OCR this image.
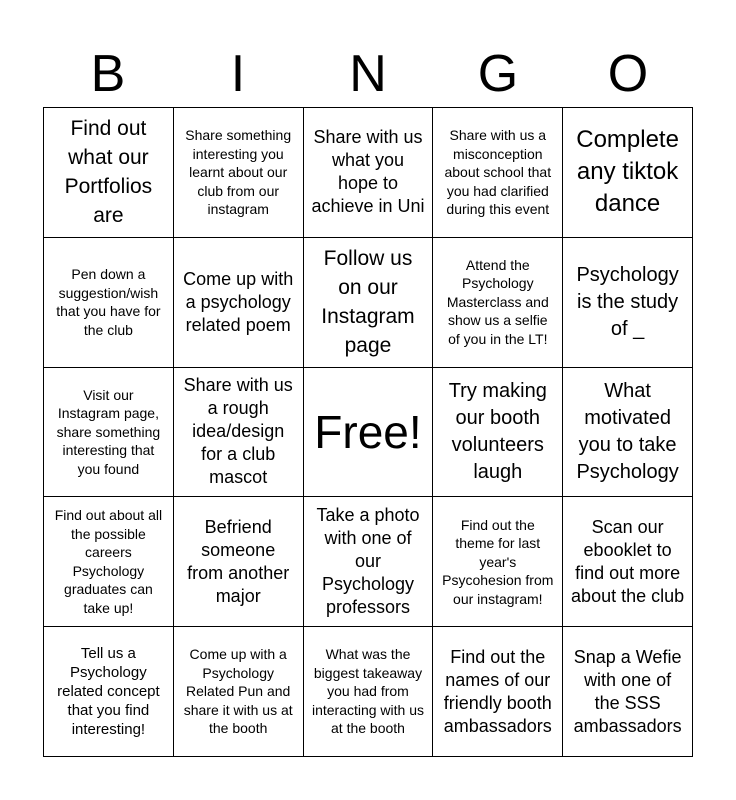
B	I	N	G	O
Find out what our Portfolios are
Share something interesting you learnt about our club from our instagram
Share with us what you hope to achieve in Uni
Share with us a misconception about school that you had clarified during this event
Complete any tiktok dance
Pen down a suggestion/wish that you have for the club
Come up with a psychology related poem
Follow us on our Instagram page
Attend the Psychology Masterclass and show us a selfie of you in the LT!
Psychology is the study of _
Visit our Instagram page, share something interesting that you found
Share with us a rough idea/design for a club mascot
Free!
Try making our booth volunteers laugh
What motivated you to take Psychology
Find out about all the possible careers Psychology graduates can take up!
Befriend someone from another major
Take a photo with one of our Psychology professors
Find out the theme for last year's Psycohesion from our instagram!
Scan our ebooklet to find out more about the club
Tell us a Psychology related concept that you find interesting!
Come up with a Psychology Related Pun and share it with us at the booth
What was the biggest takeaway you had from interacting with us at the booth
Find out the names of our friendly booth ambassadors
Snap a Wefie with one of the SSS ambassadors
